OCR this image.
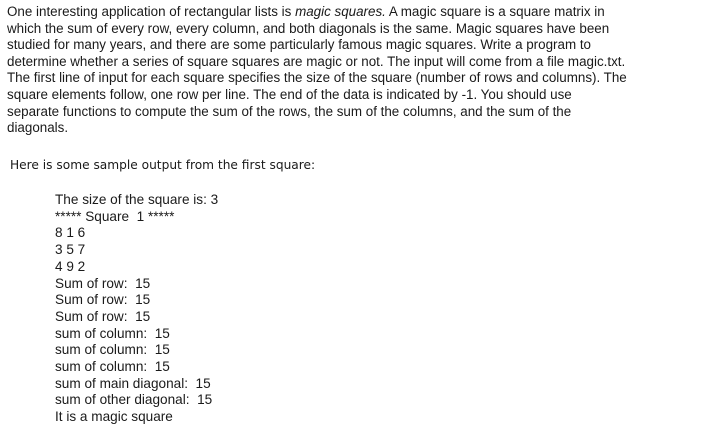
One interesting application of rectangular lists is magic squares. A magic square is a square matrix in
which the sum of every row, every column, and both diagonals is the same. Magic squares have been
studied for many years, and there are some particularly famous magic squares. Write a program to
determine whether a series of square squares are magic or not. The input will come from a file magic.txt.
The first line of input for each square specifies the size of the square (number of rows and columns). The
square elements follow, one row per line. The end of the data is indicated by -1. You should use
separate functions to compute the sum of the rows, the sum of the columns, and the sum of the
diagonals.

Here is some sample output from the first square:

The size of the square is: 3
***** Square  1 *****
8 1 6
3 5 7
4 9 2
Sum of row:  15
Sum of row:  15
Sum of row:  15
sum of column:  15
sum of column:  15
sum of column:  15
sum of main diagonal:  15
sum of other diagonal:  15
It is a magic square
